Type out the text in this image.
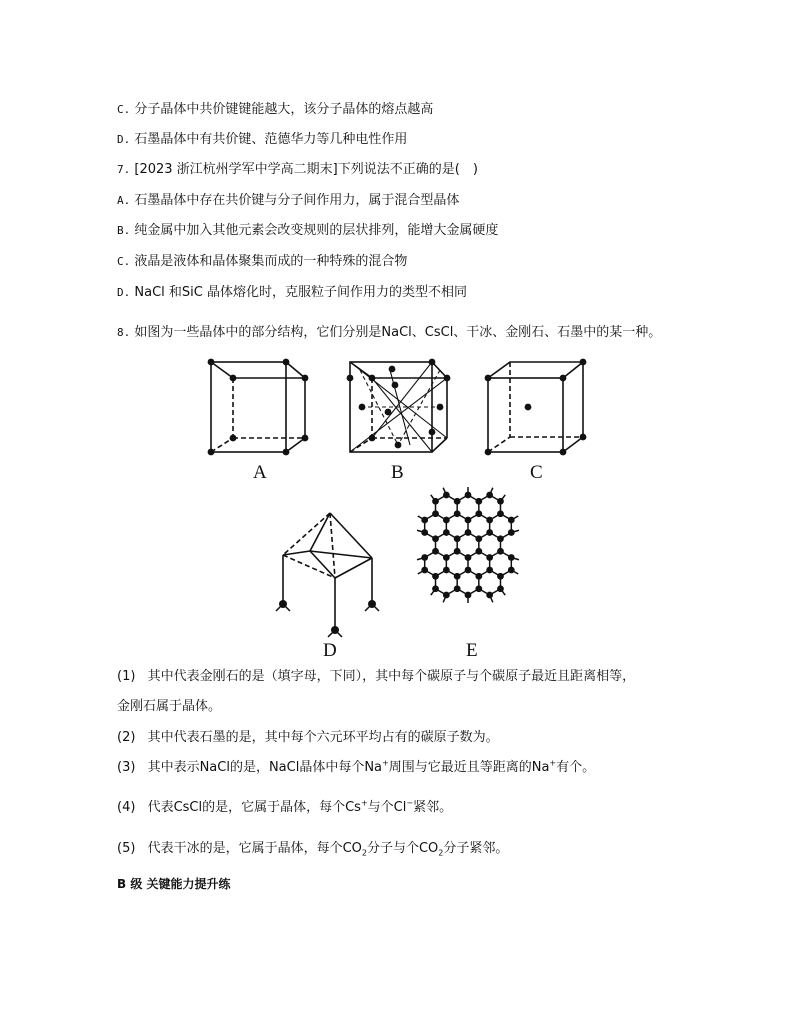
C. 分子晶体中共价键键能越大，该分子晶体的熔点越高
D. 石墨晶体中有共价键、范德华力等几种电性作用
7. [2023 浙江杭州学军中学高二期末]下列说法不正确的是(　)
A. 石墨晶体中存在共价键与分子间作用力，属于混合型晶体
B. 纯金属中加入其他元素会改变规则的层状排列，能增大金属硬度
C. 液晶是液体和晶体聚集而成的一种特殊的混合物
D. NaCl 和SiC 晶体熔化时，克服粒子间作用力的类型不相同
8. 如图为一些晶体中的部分结构，它们分别是NaCl、CsCl、干冰、金刚石、石墨中的某一种。
A	B	C
D	E
(1) 其中代表金刚石的是（填字母，下同），其中每个碳原子与个碳原子最近且距离相等，
金刚石属于晶体。
(2) 其中代表石墨的是，其中每个六元环平均占有的碳原子数为。
(3) 其中表示NaCl的是，NaCl晶体中每个Na+周围与它最近且等距离的Na+有个。
(4) 代表CsCl的是，它属于晶体，每个Cs+与个Cl−紧邻。
(5) 代表干冰的是，它属于晶体，每个$CO_2$分子与个$CO_2$分子紧邻。
B 级 关键能力提升练
